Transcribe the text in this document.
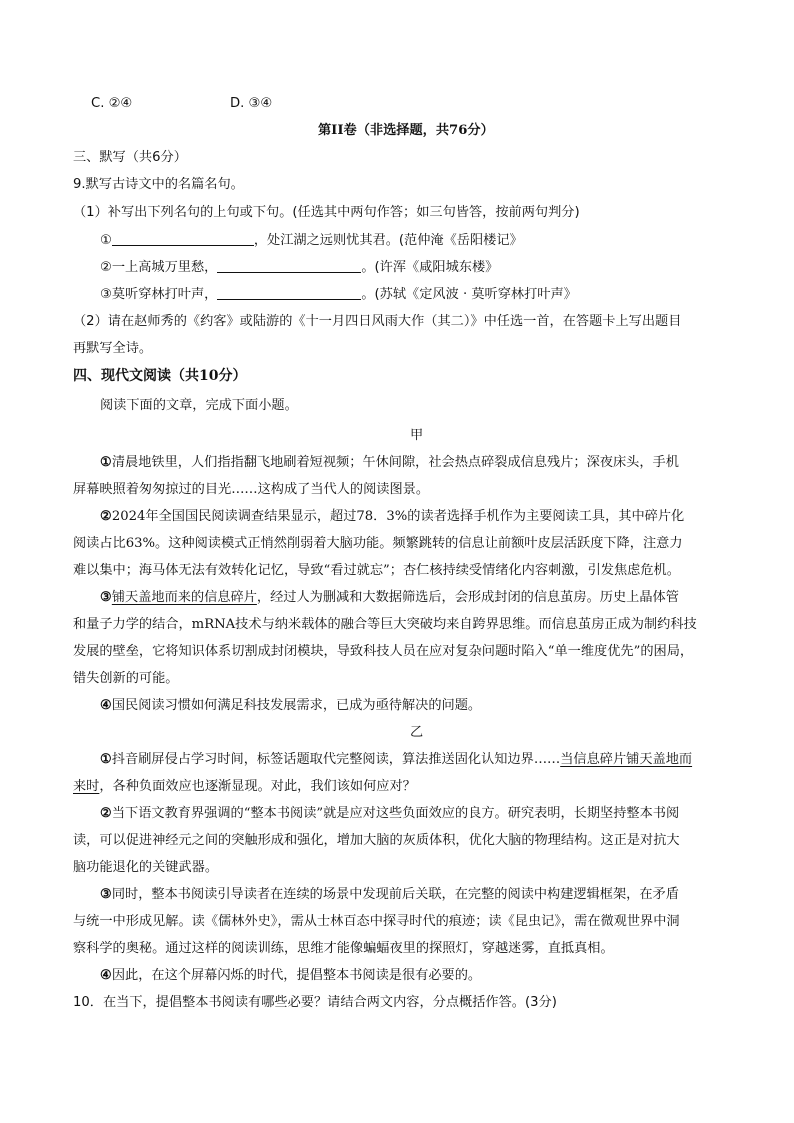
C. ②④	D. ③④
第II卷（非选择题，共76分）
三、默写（共6分）
9.默写古诗文中的名篇名句。
（1）补写出下列名句的上句或下句。(任选其中两句作答；如三句皆答，按前两句判分)
①	，处江湖之远则忧其君。(范仲淹《岳阳楼记》
②一上高城万里愁，	。(许浑《咸阳城东楼》
③莫听穿林打叶声，	。(苏轼《定风波 · 莫听穿林打叶声》
（2）请在赵师秀的《约客》或陆游的《十一月四日风雨大作（其二）》中任选一首，在答题卡上写出题目
再默写全诗。
四、现代文阅读（共10分）
阅读下面的文章，完成下面小题。
甲
①清晨地铁里，人们指指翻飞地刷着短视频；午休间隙，社会热点碎裂成信息残片；深夜床头，手机
屏幕映照着匆匆掠过的目光……这构成了当代人的阅读图景。
②2024年全国国民阅读调查结果显示，超过78．3%的读者选择手机作为主要阅读工具，其中碎片化
阅读占比63%。这种阅读模式正悄然削弱着大脑功能。频繁跳转的信息让前额叶皮层活跃度下降，注意力
难以集中；海马体无法有效转化记忆，导致“看过就忘”；杏仁核持续受情绪化内容刺激，引发焦虑危机。
③铺天盖地而来的信息碎片，经过人为删减和大数据筛选后，会形成封闭的信息茧房。历史上晶体管
和量子力学的结合，mRNA技术与纳米载体的融合等巨大突破均来自跨界思维。而信息茧房正成为制约科技
发展的壁垒，它将知识体系切割成封闭模块，导致科技人员在应对复杂问题时陷入“单一维度优先”的困局，
错失创新的可能。
④国民阅读习惯如何满足科技发展需求，已成为亟待解决的问题。
乙
①抖音刷屏侵占学习时间，标签话题取代完整阅读，算法推送固化认知边界……当信息碎片铺天盖地而
来时，各种负面效应也逐渐显现。对此，我们该如何应对？
②当下语文教育界强调的“整本书阅读”就是应对这些负面效应的良方。研究表明，长期坚持整本书阅
读，可以促进神经元之间的突触形成和强化，增加大脑的灰质体积，优化大脑的物理结构。这正是对抗大
脑功能退化的关键武器。
③同时，整本书阅读引导读者在连续的场景中发现前后关联，在完整的阅读中构建逻辑框架，在矛盾
与统一中形成见解。读《儒林外史》，需从士林百态中探寻时代的痕迹；读《昆虫记》，需在微观世界中洞
察科学的奥秘。通过这样的阅读训练，思维才能像蝙蝠夜里的探照灯，穿越迷雾，直抵真相。
④因此，在这个屏幕闪烁的时代，提倡整本书阅读是很有必要的。
10．在当下，提倡整本书阅读有哪些必要？请结合两文内容，分点概括作答。(3分)
